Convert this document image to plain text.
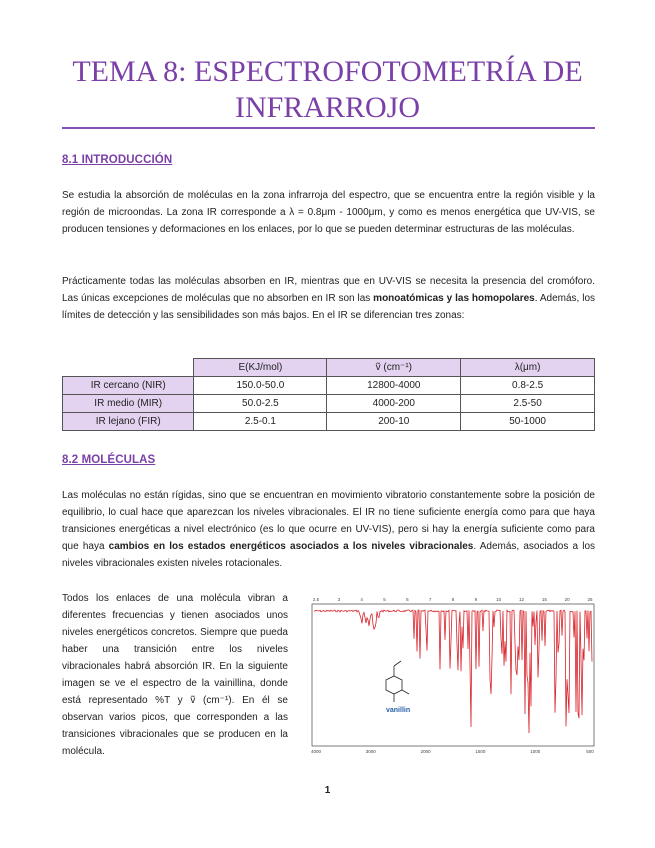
TEMA 8: ESPECTROFOTOMETRÍA DE INFRARROJO
8.1 INTRODUCCIÓN
Se estudia la absorción de moléculas en la zona infrarroja del espectro, que se encuentra entre la región visible y la región de microondas. La zona IR corresponde a λ = 0.8μm - 1000μm, y como es menos energética que UV-VIS, se producen tensiones y deformaciones en los enlaces, por lo que se pueden determinar estructuras de las moléculas.
Prácticamente todas las moléculas absorben en IR, mientras que en UV-VIS se necesita la presencia del cromóforo. Las únicas excepciones de moléculas que no absorben en IR son las monoatómicas y las homopolares. Además, los límites de detección y las sensibilidades son más bajos. En el IR se diferencian tres zonas:
	E(KJ/mol)	ṽ (cm⁻¹)	λ(μm)
IR cercano (NIR)	150.0-50.0	12800-4000	0.8-2.5
IR medio (MIR)	50.0-2.5	4000-200	2.5-50
IR lejano (FIR)	2.5-0.1	200-10	50-1000
8.2 MOLÉCULAS
Las moléculas no están rígidas, sino que se encuentran en movimiento vibratorio constantemente sobre la posición de equilibrio, lo cual hace que aparezcan los niveles vibracionales. El IR no tiene suficiente energía como para que haya transiciones energéticas a nivel electrónico (es lo que ocurre en UV-VIS), pero si hay la energía suficiente como para que haya cambios en los estados energéticos asociados a los niveles vibracionales. Además, asociados a los niveles vibracionales existen niveles rotacionales.
Todos los enlaces de una molécula vibran a diferentes frecuencias y tienen asociados unos niveles energéticos concretos. Siempre que pueda haber una transición entre los niveles vibracionales habrá absorción IR. En la siguiente imagen se ve el espectro de la vainillina, donde está representado %T y ṽ (cm⁻¹). En él se observan varios picos, que corresponden a las transiciones vibracionales que se producen en la molécula.
2.5	3	4	5	6	7	8	9	10	12	15	20	25
4000	3000	2000	1500	1000	500
vanillin
1
